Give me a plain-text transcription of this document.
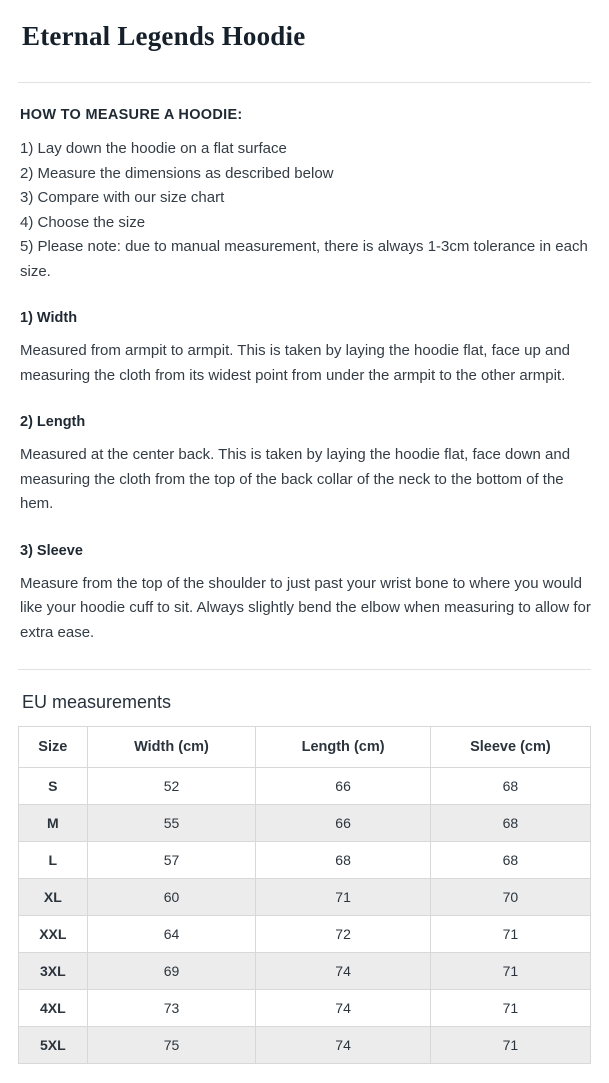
Eternal Legends Hoodie
HOW TO MEASURE A HOODIE:
1) Lay down the hoodie on a flat surface
2) Measure the dimensions as described below
3) Compare with our size chart
4) Choose the size
5) Please note: due to manual measurement, there is always 1-3cm tolerance in each size.
1) Width

Measured from armpit to armpit. This is taken by laying the hoodie flat, face up and measuring the cloth from its widest point from under the armpit to the other armpit.

2) Length

Measured at the center back. This is taken by laying the hoodie flat, face down and measuring the cloth from the top of the back collar of the neck to the bottom of the hem.

3) Sleeve

Measure from the top of the shoulder to just past your wrist bone to where you would like your hoodie cuff to sit. Always slightly bend the elbow when measuring to allow for extra ease.

EU measurements
Size	Width (cm)	Length (cm)	Sleeve (cm)
S	52	66	68
M	55	66	68
L	57	68	68
XL	60	71	70
XXL	64	72	71
3XL	69	74	71
4XL	73	74	71
5XL	75	74	71
